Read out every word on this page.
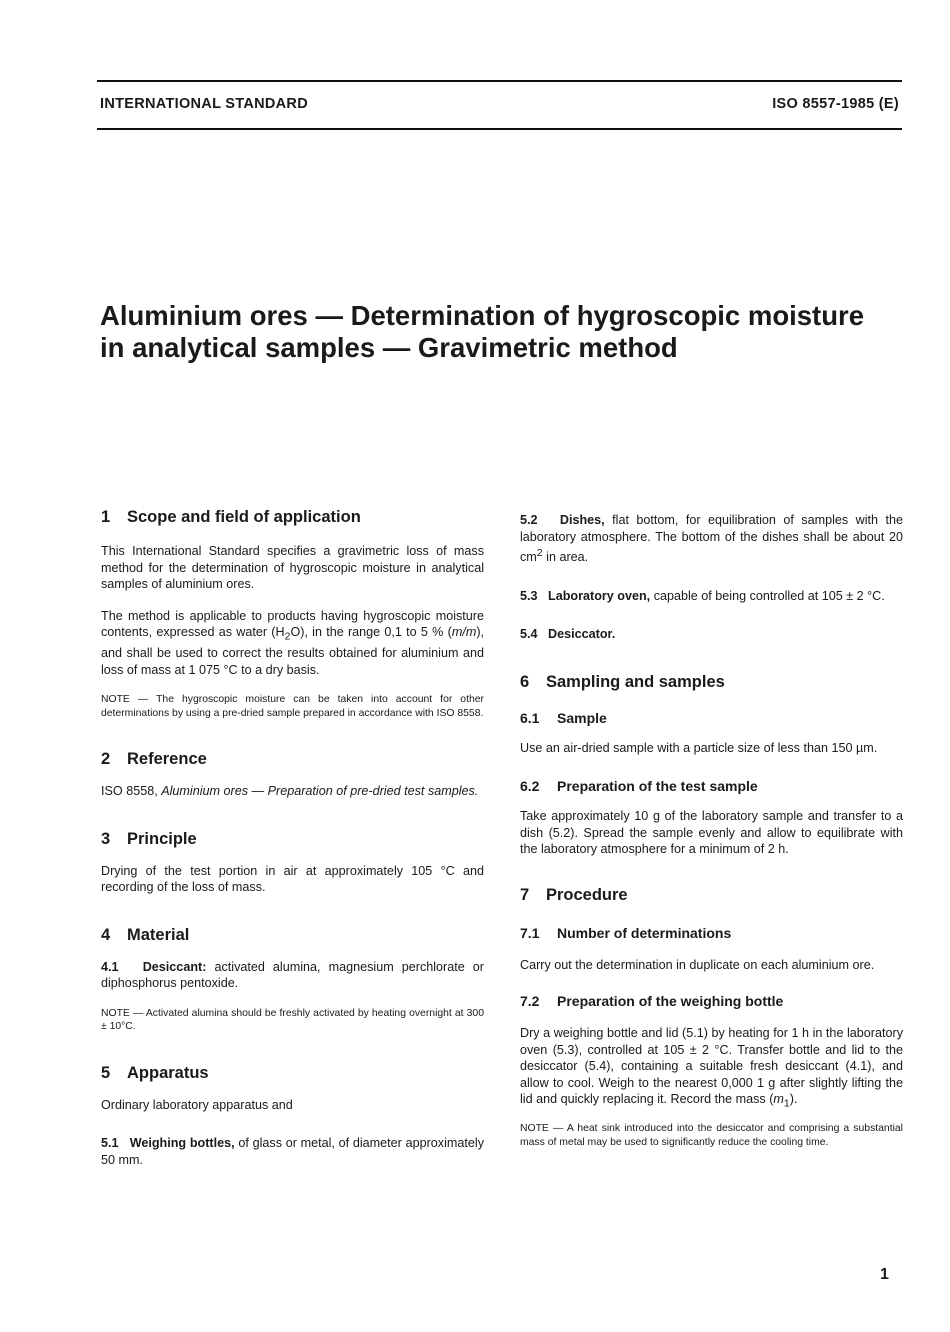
INTERNATIONAL STANDARD	ISO 8557-1985 (E)
Aluminium ores — Determination of hygroscopic moisture
in analytical samples — Gravimetric method
1 Scope and field of application

This International Standard specifies a gravimetric loss of mass method for the determination of hygroscopic moisture in analytical samples of aluminium ores.

The method is applicable to products having hygroscopic moisture contents, expressed as water $(H_2O)$, in the range 0,1 to 5 % (m/m), and shall be used to correct the results obtained for aluminium and loss of mass at 1 075 °C to a dry basis.

NOTE — The hygroscopic moisture can be taken into account for other determinations by using a pre-dried sample prepared in accordance with ISO 8558.

2 Reference

ISO 8558, Aluminium ores — Preparation of pre-dried test samples.

3 Principle

Drying of the test portion in air at approximately 105 °C and recording of the loss of mass.

4 Material

4.1 Desiccant: activated alumina, magnesium perchlorate or diphosphorus pentoxide.

NOTE — Activated alumina should be freshly activated by heating overnight at 300 ± 10°C.

5 Apparatus

Ordinary laboratory apparatus and

5.1 Weighing bottles, of glass or metal, of diameter approximately 50 mm.

5.2 Dishes, flat bottom, for equilibration of samples with the laboratory atmosphere. The bottom of the dishes shall be about 20 $cm^2$ in area.

5.3 Laboratory oven, capable of being controlled at 105 ± 2 °C.

5.4 Desiccator.

6 Sampling and samples
6.1 Sample

Use an air-dried sample with a particle size of less than 150 µm.

6.2 Preparation of the test sample

Take approximately 10 g of the laboratory sample and transfer to a dish (5.2). Spread the sample evenly and allow to equilibrate with the laboratory atmosphere for a minimum of 2 h.

7 Procedure
7.1 Number of determinations

Carry out the determination in duplicate on each aluminium ore.

7.2 Preparation of the weighing bottle

Dry a weighing bottle and lid (5.1) by heating for 1 h in the laboratory oven (5.3), controlled at 105 ± 2 °C. Transfer bottle and lid to the desiccator (5.4), containing a suitable fresh desiccant (4.1), and allow to cool. Weigh to the nearest 0,000 1 g after slightly lifting the lid and quickly replacing it. Record the mass $(m_1)$.

NOTE — A heat sink introduced into the desiccator and comprising a substantial mass of metal may be used to significantly reduce the cooling time.

1
